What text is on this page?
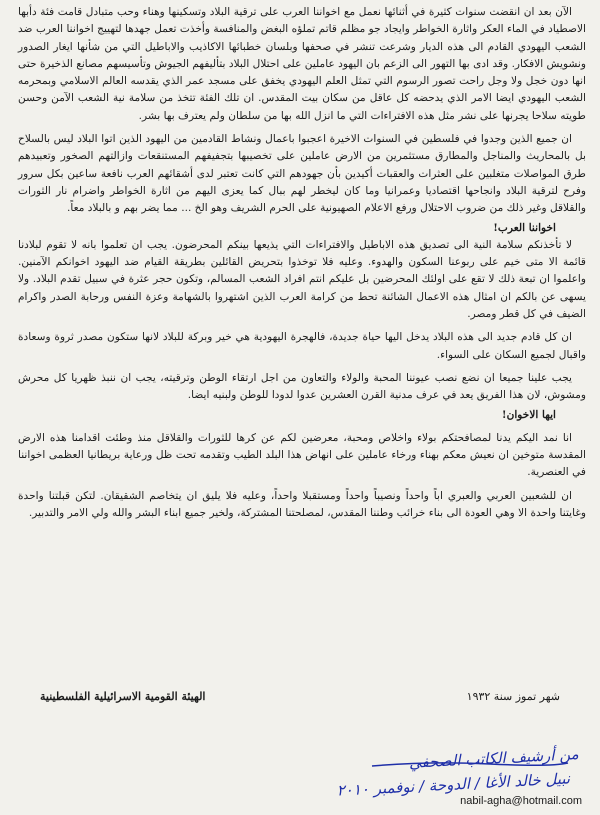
الآن بعد ان انقضت سنوات كثيرة في أثنائها نعمل مع اخواننا العرب على ترقية البلاد وتسكينها وهناء وحب متبادل قامت فئة دأبها الاصطياد في الماء العكر واثارة الخواطر وايجاد جو مظلم قاتم تملؤه البغض والمنافسة وأخذت تعمل جهدها لتهييج اخواننا العرب ضد الشعب اليهودي القادم الى هذه الديار وشرعت تنشر في صحفها وبلسان خطبائها الاكاذيب والاباطيل التي من شأنها ايغار الصدور ونشويش الافكار. وقد ادى بها التهور الى الزعم بان اليهود عاملين على احتلال البلاد بتأليفهم الجيوش وتأسيسهم مصانع الذخيرة حتى انها دون خجل ولا وجل راحت تصور الرسوم التي تمثل العلم اليهودي يخفق على مسجد عمر الذي يقدسه العالم الاسلامي وبمحرمه الشعب اليهودي ايضا الامر الذي يدحضه كل عاقل من سكان بيت المقدس. ان تلك الفئة تتخذ من سلامة نية الشعب الآمن وحسن طويته سلاحا يجرنها على نشر مثل هذه الافتراءات التي ما انزل الله بها من سلطان ولم يعترف بها بشر.

ان جميع الذين وجدوا في فلسطين في السنوات الاخيرة اعجبوا باعمال ونشاط القادمين من اليهود الذين اتوا البلاد ليس بالسلاح بل بالمحاريث والمناجل والمطارق مستثمرين من الارض عاملين على تخصيبها بتجفيفهم المستنقعات وازالتهم الصخور وتعبيدهم طرق المواصلات متغلبين على العثرات والعقبات أكيدين بأن جهودهم التي كانت تعتبر لدى أشقائهم العرب نافعة ساعين بكل سرور وفرح لترقية البلاد وانجاحها اقتصاديا وعمرانيا وما كان ليخطر لهم ببال كما يعزى اليهم من اثارة الخواطر واضرام نار الثورات والقلاقل وغير ذلك من ضروب الاحتلال ورفع الاعلام الصهيونية على الحرم الشريف وهو الخ ... مما يضر بهم و بالبلاد معاً.

اخواننا العرب!

لا تأخذنكم سلامة النية الى تصديق هذه الاباطيل والافتراءات التي يذيعها بينكم المحرضون. يجب ان تعلموا بانه لا تقوم لبلادنا قائمة الا متى خيم على ربوعنا السكون والهدوء. وعليه فلا توخذوا بتحريض القائلين بطريقة القيام ضد اليهود اخوانكم الآمنين. واعلموا ان تبعة ذلك لا تقع على اولئك المحرضين بل عليكم انتم افراد الشعب المسالم، وتكون حجر عثرة في سبيل تقدم البلاد. ولا يسهى عن بالكم ان امثال هذه الاعمال الشائنة تحط من كرامة العرب الذين اشتهروا بالشهامة وعزة النفس ورحابة الصدر واكرام الضيف في كل قطر ومصر.

ان كل قادم جديد الى هذه البلاد يدخل اليها حياة جديدة، فالهجرة اليهودية هي خير وبركة للبلاد لانها ستكون مصدر ثروة وسعادة واقبال لجميع السكان على السواء.

يجب علينا جميعا ان نضع نصب عيوننا المحبة والولاء والتعاون من اجل ارتقاء الوطن وترقيته، يجب ان ننبذ ظهريا كل محرش ومشوش، لان هذا الفريق يعد في عرف مدنية القرن العشرين عدوا لدودا للوطن ولبنيه ايضا.

ايها الاخوان!

انا نمد اليكم يدنا لمصافحتكم بولاء واخلاص ومحبة، معرضين لكم عن كرها للثورات والقلاقل منذ وطئت اقدامنا هذه الارض المقدسة متوخين ان نعيش معكم بهناء ورخاء عاملين على انهاض هذا البلد الطيب وتقدمه تحت ظل ورعاية بريطانيا العظمى اخواننا في العنصرية.

ان للشعبين العربي والعبري اباً واحداً ونصيباً واحداً ومستقبلا واحداً، وعليه فلا يليق ان يتخاصم الشقيقان. لتكن قبلتنا واحدة وغايتنا واحدة الا وهي العودة الى بناء خرائب وطننا المقدس، لمصلحتنا المشتركة، ولخير جميع ابناء البشر والله ولي الامر والتدبير.

شهر تموز سنة ١٩٣٢
الهيئة القومية الاسرائيلية الفلسطينية
من أرشيف الكاتب الصحفي
نبيل خالد الأغا / الدوحة / نوفمبر ٢٠١٠
nabil-agha@hotmail.com
